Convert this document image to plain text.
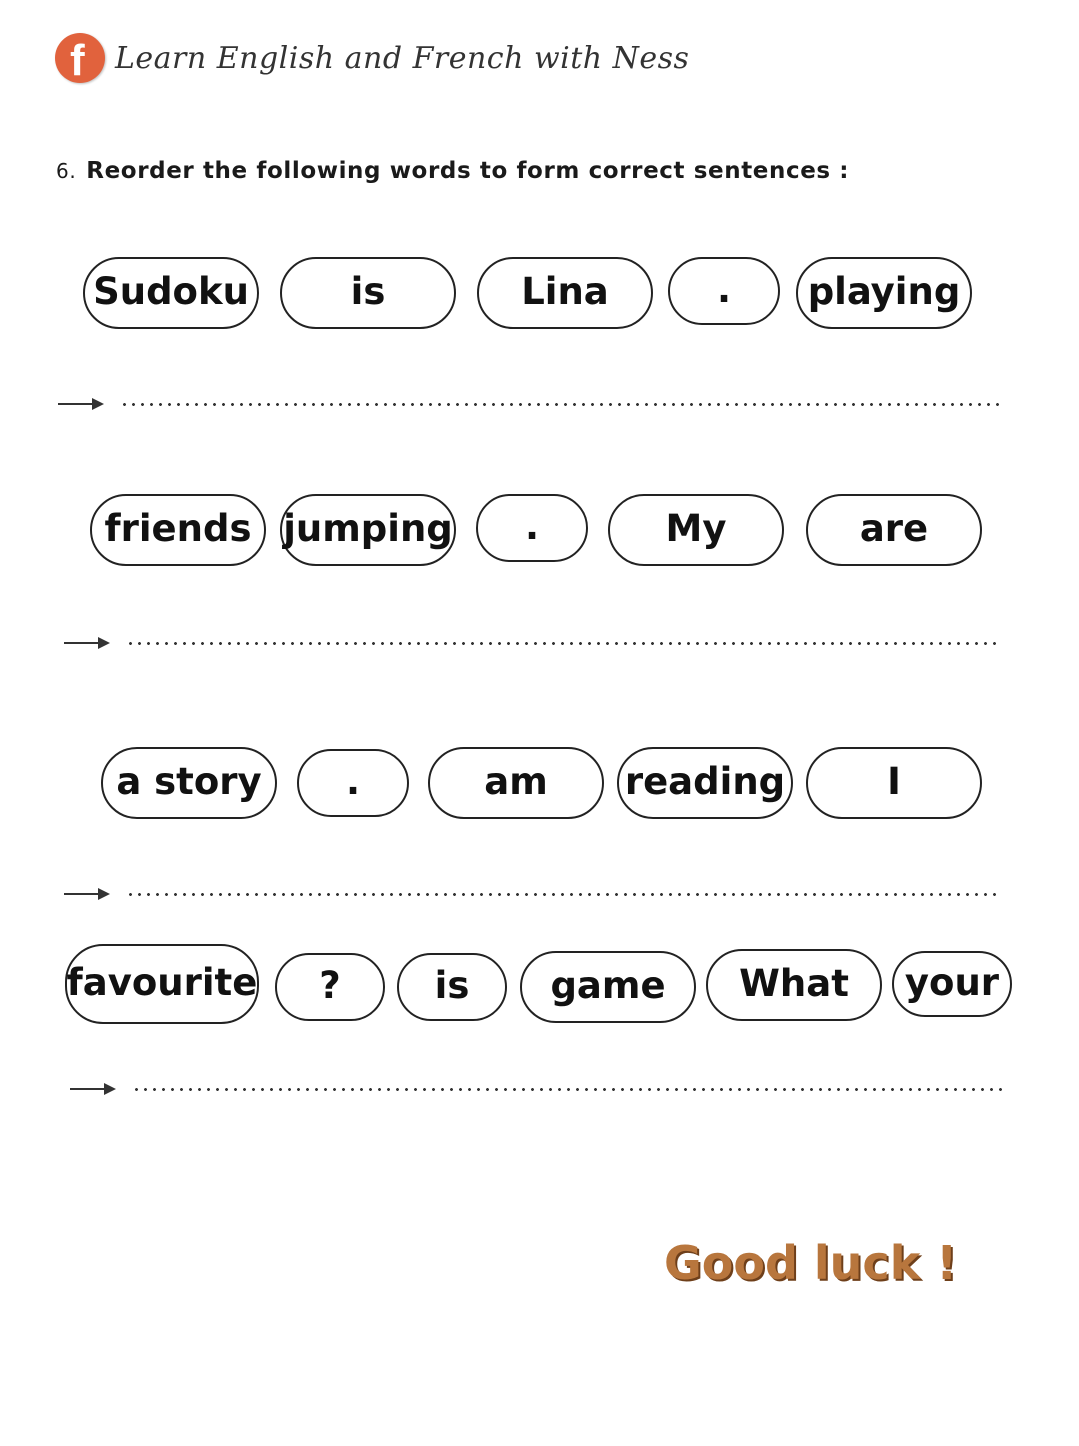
f Learn English and French with Ness
6. Reorder the following words to form correct sentences :
Sudoku	is	Lina	.	playing
friends jumping	.	My	are
a story	.	am	reading	I
favourite	?	is	game	What	your
Good luck !
